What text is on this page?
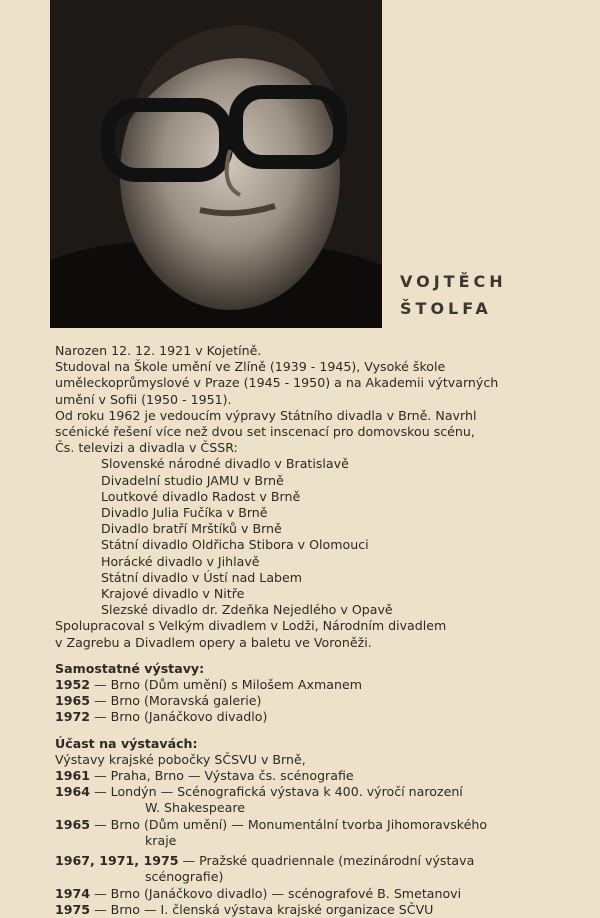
VOJTĚCH
ŠTOLFA
Narozen 12. 12. 1921 v Kojetíně.
Studoval na Škole umění ve Zlíně (1939 - 1945), Vysoké škole
uměleckoprůmyslové v Praze (1945 - 1950) a na Akademii výtvarných
umění v Sofii (1950 - 1951).
Od roku 1962 je vedoucím výpravy Státního divadla v Brně. Navrhl
scénické řešení více než dvou set inscenací pro domovskou scénu,
Čs. televizi a divadla v ČSSR:
Slovenské národné divadlo v Bratislavě
Divadelní studio JAMU v Brně
Loutkové divadlo Radost v Brně
Divadlo Julia Fučíka v Brně
Divadlo bratří Mrštíků v Brně
Státní divadlo Oldřicha Stibora v Olomouci
Horácké divadlo v Jihlavě
Státní divadlo v Ústí nad Labem
Krajové divadlo v Nitře
Slezské divadlo dr. Zdeňka Nejedlého v Opavě
Spolupracoval s Velkým divadlem v Lodži, Národním divadlem
v Zagrebu a Divadlem opery a baletu ve Voroněži.
Samostatné výstavy:
1952
— Brno (Dům umění) s Milošem Axmanem
1965
— Brno (Moravská galerie)
1972
— Brno (Janáčkovo divadlo)
Účast na výstavách:
Výstavy krajské pobočky SČSVU v Brně,
1961
— Praha, Brno — Výstava čs. scénografie
1964
— Londýn — Scénografická výstava k 400. výročí narození
W. Shakespeare
1965
— Brno (Dům umění) — Monumentální tvorba Jihomoravského
kraje
1967, 1971, 1975
— Pražské quadriennale (mezinárodní výstava
scénografie)
1974
— Brno (Janáčkovo divadlo) — scénografové B. Smetanovi
1975
— Brno — I. členská výstava krajské organizace SČVU
